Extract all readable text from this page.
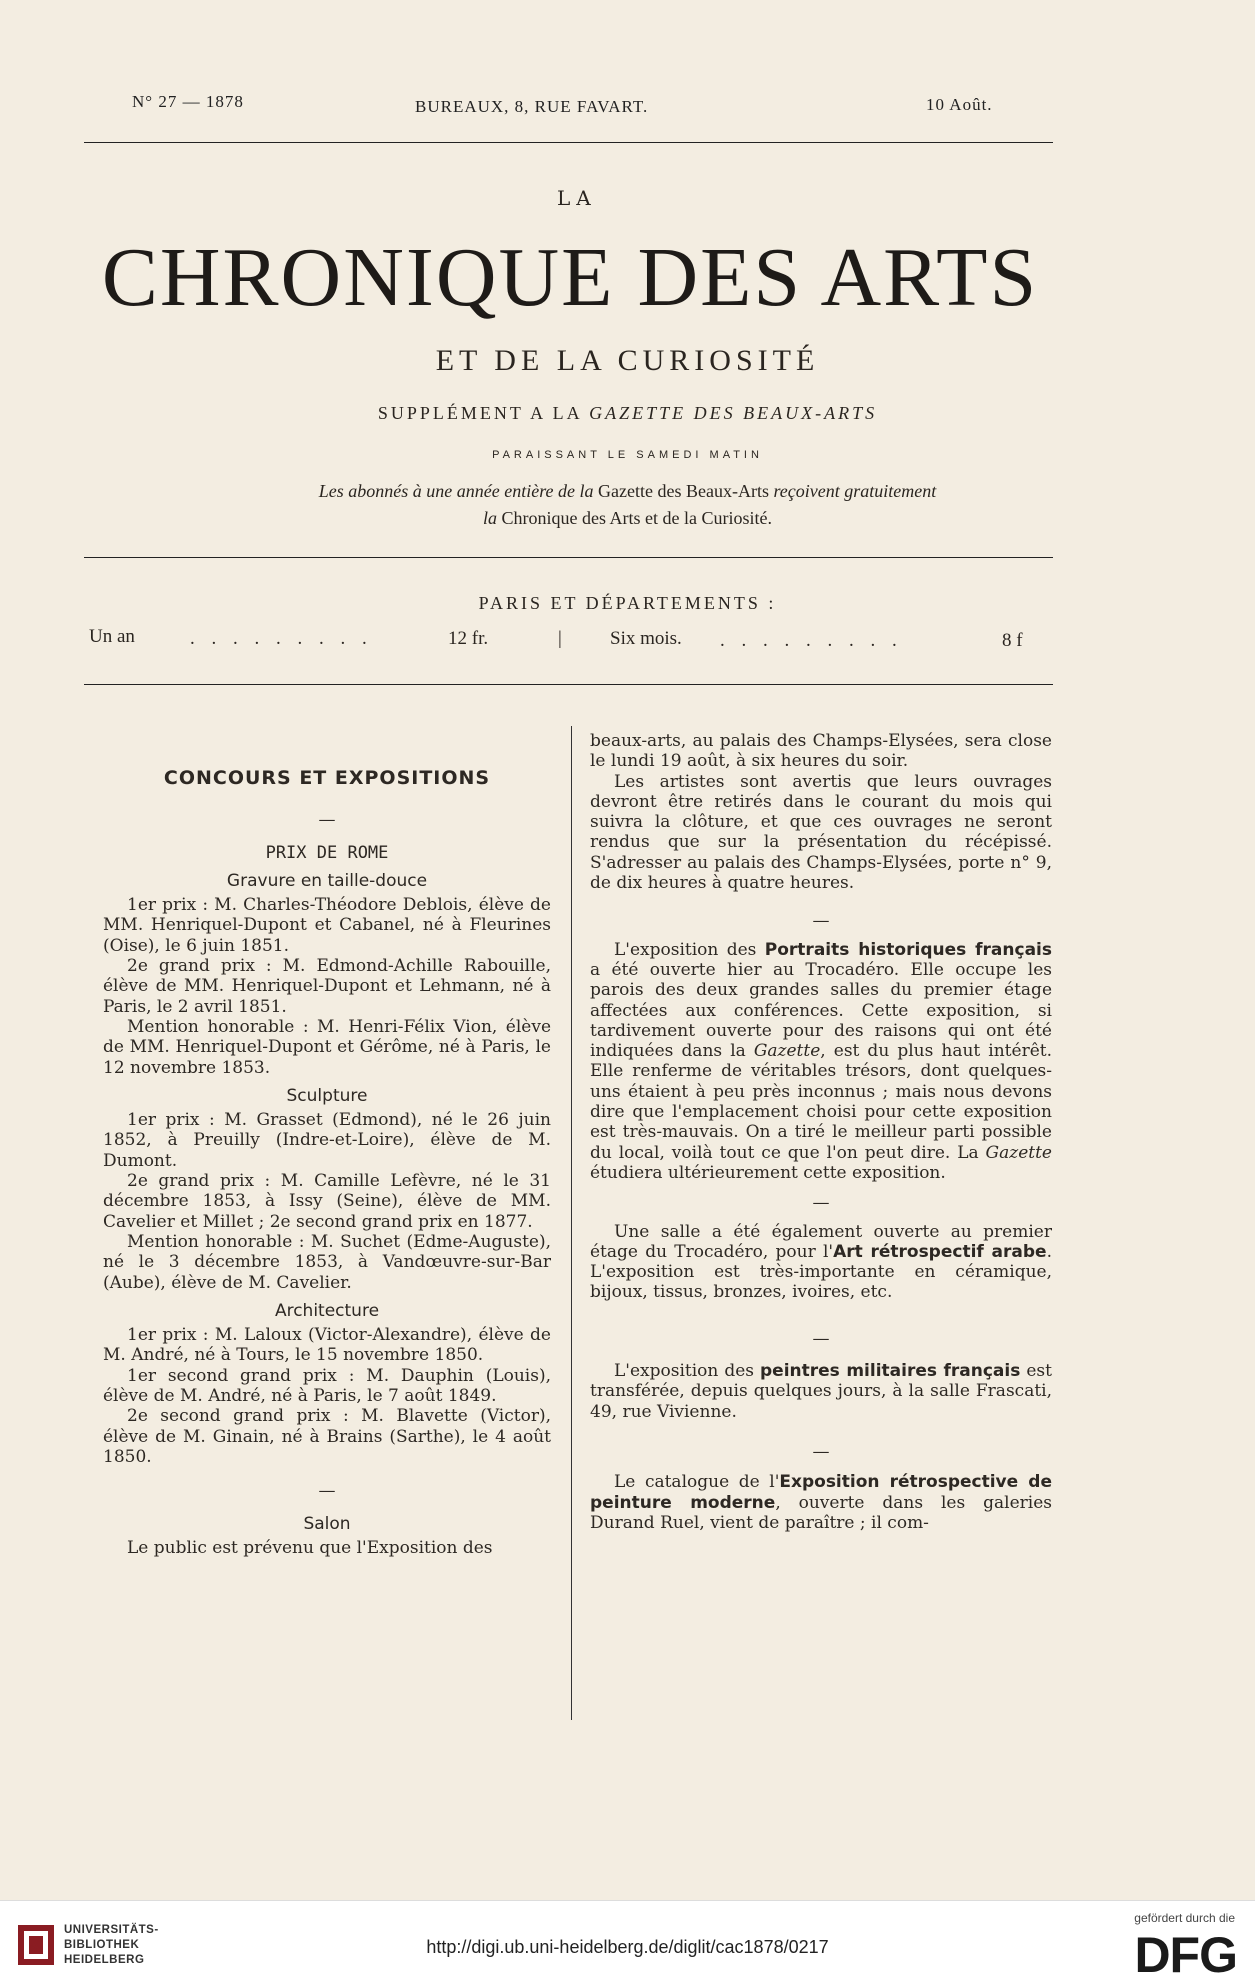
N° 27 — 1878	BUREAUX, 8, RUE FAVART.	10 Août.
LA
CHRONIQUE DES ARTS
ET DE LA CURIOSITÉ
SUPPLÉMENT A LA GAZETTE DES BEAUX-ARTS
PARAISSANT LE SAMEDI MATIN
Les abonnés à une année entière de la Gazette des Beaux-Arts reçoivent gratuitement
la Chronique des Arts et de la Curiosité.
PARIS ET DÉPARTEMENTS :
Un an	. . . . . . . . .	12 fr.	|	Six mois. . . . . . . . . .	8 f
CONCOURS ET EXPOSITIONS
—
PRIX DE ROME
Gravure en taille-douce

1er prix : M. Charles-Théodore Deblois, élève de MM. Henriquel-Dupont et Cabanel, né à Fleurines (Oise), le 6 juin 1851.

2e grand prix : M. Edmond-Achille Rabouille, élève de MM. Henriquel-Dupont et Lehmann, né à Paris, le 2 avril 1851.

Mention honorable : M. Henri-Félix Vion, élève de MM. Henriquel-Dupont et Gérôme, né à Paris, le 12 novembre 1853.

Sculpture

1er prix : M. Grasset (Edmond), né le 26 juin 1852, à Preuilly (Indre-et-Loire), élève de M. Dumont.

2e grand prix : M. Camille Lefèvre, né le 31 décembre 1853, à Issy (Seine), élève de MM. Cavelier et Millet ; 2e second grand prix en 1877.

Mention honorable : M. Suchet (Edme-Auguste), né le 3 décembre 1853, à Vandœuvre-sur-Bar (Aube), élève de M. Cavelier.

Architecture

1er prix : M. Laloux (Victor-Alexandre), élève de M. André, né à Tours, le 15 novembre 1850.

1er second grand prix : M. Dauphin (Louis), élève de M. André, né à Paris, le 7 août 1849.

2e second grand prix : M. Blavette (Victor), élève de M. Ginain, né à Brains (Sarthe), le 4 août 1850.

—
Salon

Le public est prévenu que l'Exposition des

beaux-arts, au palais des Champs-Elysées, sera close le lundi 19 août, à six heures du soir.

Les artistes sont avertis que leurs ouvrages devront être retirés dans le courant du mois qui suivra la clôture, et que ces ouvrages ne seront rendus que sur la présentation du récépissé. S'adresser au palais des Champs-Elysées, porte n° 9, de dix heures à quatre heures.

—

L'exposition des Portraits historiques français a été ouverte hier au Trocadéro. Elle occupe les parois des deux grandes salles du premier étage affectées aux conférences. Cette exposition, si tardivement ouverte pour des raisons qui ont été indiquées dans la Gazette, est du plus haut intérêt. Elle renferme de véritables trésors, dont quelques-uns étaient à peu près inconnus ; mais nous devons dire que l'emplacement choisi pour cette exposition est très-mauvais. On a tiré le meilleur parti possible du local, voilà tout ce que l'on peut dire. La Gazette étudiera ultérieurement cette exposition.

—

Une salle a été également ouverte au premier étage du Trocadéro, pour l'Art rétrospectif arabe. L'exposition est très-importante en céramique, bijoux, tissus, bronzes, ivoires, etc.

—

L'exposition des peintres militaires français est transférée, depuis quelques jours, à la salle Frascati, 49, rue Vivienne.

—

Le catalogue de l'Exposition rétrospective de peinture moderne, ouverte dans les galeries Durand Ruel, vient de paraître ; il com-

UNIVERSITÄTS-
BIBLIOTHEK
HEIDELBERG
http://digi.ub.uni-heidelberg.de/diglit/cac1878/0217
gefördert durch die
DFG
